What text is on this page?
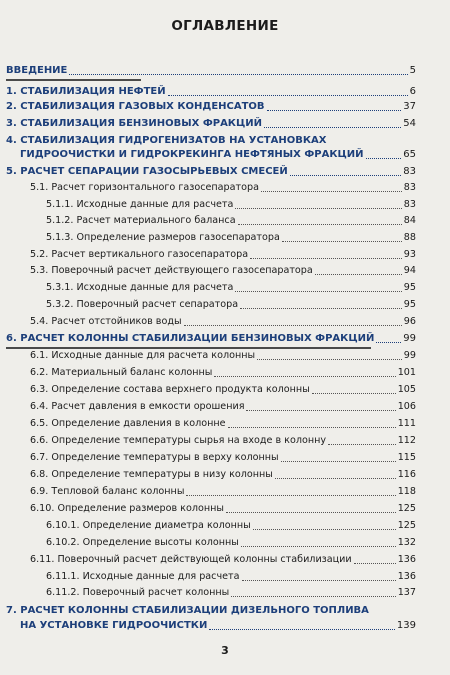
ОГЛАВЛЕНИЕ
ВВЕДЕНИЕ	5
1. СТАБИЛИЗАЦИЯ НЕФТЕЙ	6
2. СТАБИЛИЗАЦИЯ ГАЗОВЫХ КОНДЕНСАТОВ	37
3. СТАБИЛИЗАЦИЯ БЕНЗИНОВЫХ ФРАКЦИЙ	54
4. СТАБИЛИЗАЦИЯ ГИДРОГЕНИЗАТОВ НА УСТАНОВКАХ
ГИДРООЧИСТКИ И ГИДРОКРЕКИНГА НЕФТЯНЫХ ФРАКЦИЙ	65
5. РАСЧЕТ СЕПАРАЦИИ ГАЗОСЫРЬЕВЫХ СМЕСЕЙ	83
5.1. Расчет горизонтального газосепаратора	83
5.1.1. Исходные данные для расчета	83
5.1.2. Расчет материального баланса	84
5.1.3. Определение размеров газосепаратора	88
5.2. Расчет вертикального газосепаратора	93
5.3. Поверочный расчет действующего газосепаратора	94
5.3.1. Исходные данные для расчета	95
5.3.2. Поверочный расчет сепаратора	95
5.4. Расчет отстойников воды	96
6. РАСЧЕТ КОЛОННЫ СТАБИЛИЗАЦИИ БЕНЗИНОВЫХ ФРАКЦИЙ	99
6.1. Исходные данные для расчета колонны	99
6.2. Материальный баланс колонны	101
6.3. Определение состава верхнего продукта колонны	105
6.4. Расчет давления в емкости орошения	106
6.5. Определение давления в колонне	111
6.6. Определение температуры сырья на входе в колонну	112
6.7. Определение температуры в верху колонны	115
6.8. Определение температуры в низу колонны	116
6.9. Тепловой баланс колонны	118
6.10. Определение размеров колонны	125
6.10.1. Определение диаметра колонны	125
6.10.2. Определение высоты колонны	132
6.11. Поверочный расчет действующей колонны стабилизации	136
6.11.1. Исходные данные для расчета	136
6.11.2. Поверочный расчет колонны	137
7. РАСЧЕТ КОЛОННЫ СТАБИЛИЗАЦИИ ДИЗЕЛЬНОГО ТОПЛИВА
НА УСТАНОВКЕ ГИДРООЧИСТКИ	139
3
